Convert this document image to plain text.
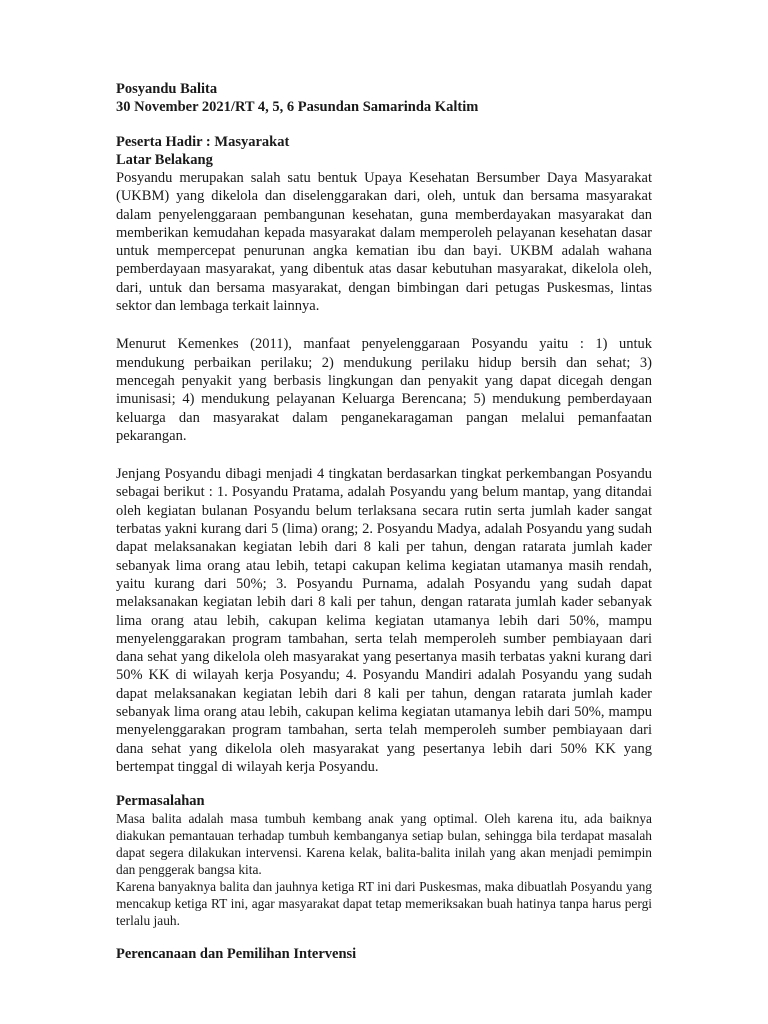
Posyandu Balita

30 November 2021/RT 4, 5, 6 Pasundan Samarinda Kaltim

Peserta Hadir : Masyarakat

Latar Belakang

Posyandu merupakan salah satu bentuk Upaya Kesehatan Bersumber Daya Masyarakat (UKBM) yang dikelola dan diselenggarakan dari, oleh, untuk dan bersama masyarakat dalam penyelenggaraan pembangunan kesehatan, guna memberdayakan masyarakat dan memberikan kemudahan kepada masyarakat dalam memperoleh pelayanan kesehatan dasar untuk mempercepat penurunan angka kematian ibu dan bayi. UKBM adalah wahana pemberdayaan masyarakat, yang dibentuk atas dasar kebutuhan masyarakat, dikelola oleh, dari, untuk dan bersama masyarakat, dengan bimbingan dari petugas Puskesmas, lintas sektor dan lembaga terkait lainnya.

Menurut Kemenkes (2011), manfaat penyelenggaraan Posyandu yaitu : 1) untuk mendukung perbaikan perilaku; 2) mendukung perilaku hidup bersih dan sehat; 3) mencegah penyakit yang berbasis lingkungan dan penyakit yang dapat dicegah dengan imunisasi; 4) mendukung pelayanan Keluarga Berencana; 5) mendukung pemberdayaan keluarga dan masyarakat dalam penganekaragaman pangan melalui pemanfaatan pekarangan.

Jenjang Posyandu dibagi menjadi 4 tingkatan berdasarkan tingkat perkembangan Posyandu sebagai berikut : 1. Posyandu Pratama, adalah Posyandu yang belum mantap, yang ditandai oleh kegiatan bulanan Posyandu belum terlaksana secara rutin serta jumlah kader sangat terbatas yakni kurang dari 5 (lima) orang; 2. Posyandu Madya, adalah Posyandu yang sudah dapat melaksanakan kegiatan lebih dari 8 kali per tahun, dengan ratarata jumlah kader sebanyak lima orang atau lebih, tetapi cakupan kelima kegiatan utamanya masih rendah, yaitu kurang dari 50%; 3. Posyandu Purnama, adalah Posyandu yang sudah dapat melaksanakan kegiatan lebih dari 8 kali per tahun, dengan ratarata jumlah kader sebanyak lima orang atau lebih, cakupan kelima kegiatan utamanya lebih dari 50%, mampu menyelenggarakan program tambahan, serta telah memperoleh sumber pembiayaan dari dana sehat yang dikelola oleh masyarakat yang pesertanya masih terbatas yakni kurang dari 50% KK di wilayah kerja Posyandu; 4. Posyandu Mandiri adalah Posyandu yang sudah dapat melaksanakan kegiatan lebih dari 8 kali per tahun, dengan ratarata jumlah kader sebanyak lima orang atau lebih, cakupan kelima kegiatan utamanya lebih dari 50%, mampu menyelenggarakan program tambahan, serta telah memperoleh sumber pembiayaan dari dana sehat yang dikelola oleh masyarakat yang pesertanya lebih dari 50% KK yang bertempat tinggal di wilayah kerja Posyandu.

Permasalahan

Masa balita adalah masa tumbuh kembang anak yang optimal. Oleh karena itu, ada baiknya diakukan pemantauan terhadap tumbuh kembanganya setiap bulan, sehingga bila terdapat masalah dapat segera dilakukan intervensi. Karena kelak, balita-balita inilah yang akan menjadi pemimpin dan penggerak bangsa kita.

Karena banyaknya balita dan jauhnya ketiga RT ini dari Puskesmas, maka dibuatlah Posyandu yang mencakup ketiga RT ini, agar masyarakat dapat tetap memeriksakan buah hatinya tanpa harus pergi terlalu jauh.

Perencanaan dan Pemilihan Intervensi
